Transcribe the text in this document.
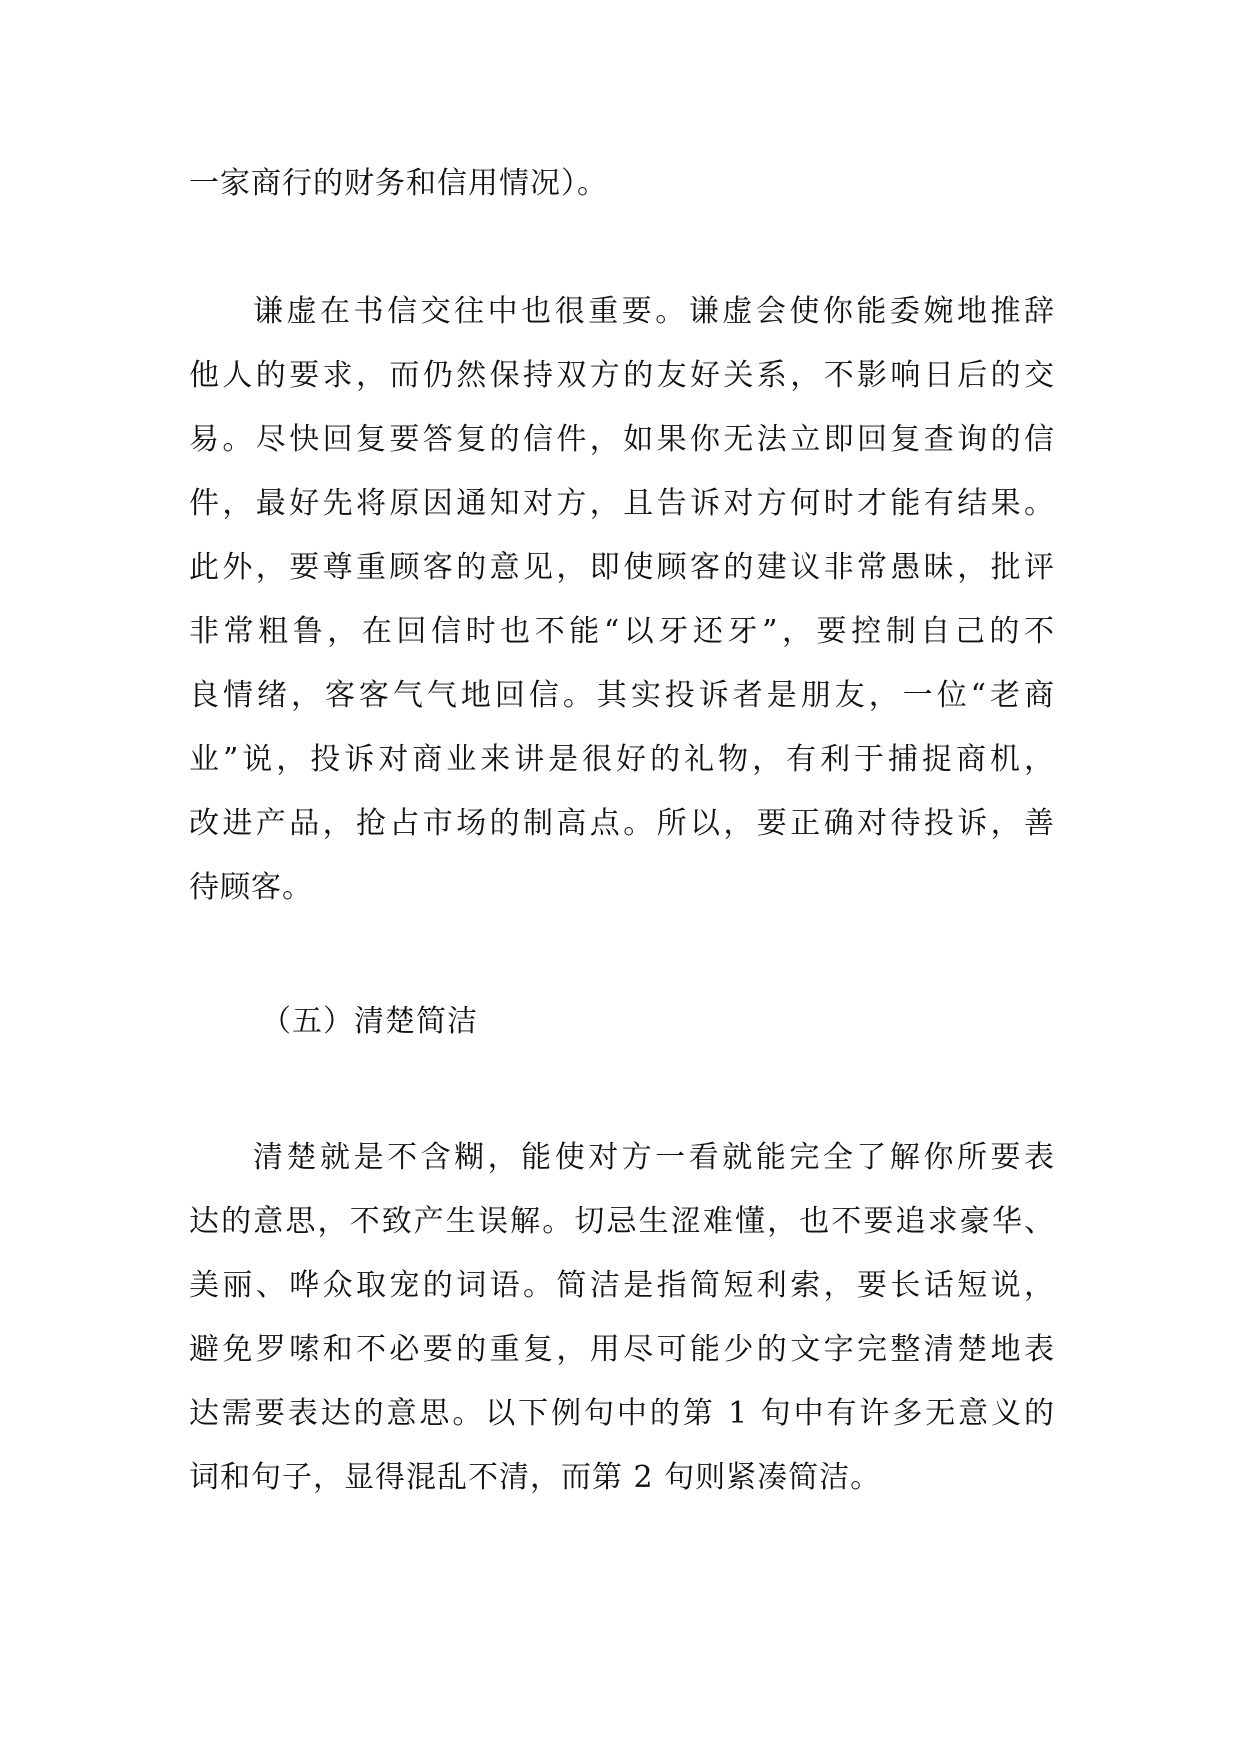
一家商行的财务和信用情况）。

谦虚在书信交往中也很重要。谦虚会使你能委婉地推辞
他人的要求，而仍然保持双方的友好关系，不影响日后的交
易。尽快回复要答复的信件，如果你无法立即回复查询的信
件，最好先将原因通知对方，且告诉对方何时才能有结果。
此外，要尊重顾客的意见，即使顾客的建议非常愚昧，批评
非常粗鲁，在回信时也不能“以牙还牙”，要控制自己的不
良情绪，客客气气地回信。其实投诉者是朋友，一位“老商
业”说，投诉对商业来讲是很好的礼物，有利于捕捉商机，
改进产品，抢占市场的制高点。所以，要正确对待投诉，善
待顾客。

（五）清楚简洁

清楚就是不含糊，能使对方一看就能完全了解你所要表
达的意思，不致产生误解。切忌生涩难懂，也不要追求豪华、
美丽、哗众取宠的词语。简洁是指简短利索，要长话短说，
避免罗嗦和不必要的重复，用尽可能少的文字完整清楚地表
达需要表达的意思。以下例句中的第 1 句中有许多无意义的
词和句子，显得混乱不清，而第 2 句则紧凑简洁。
